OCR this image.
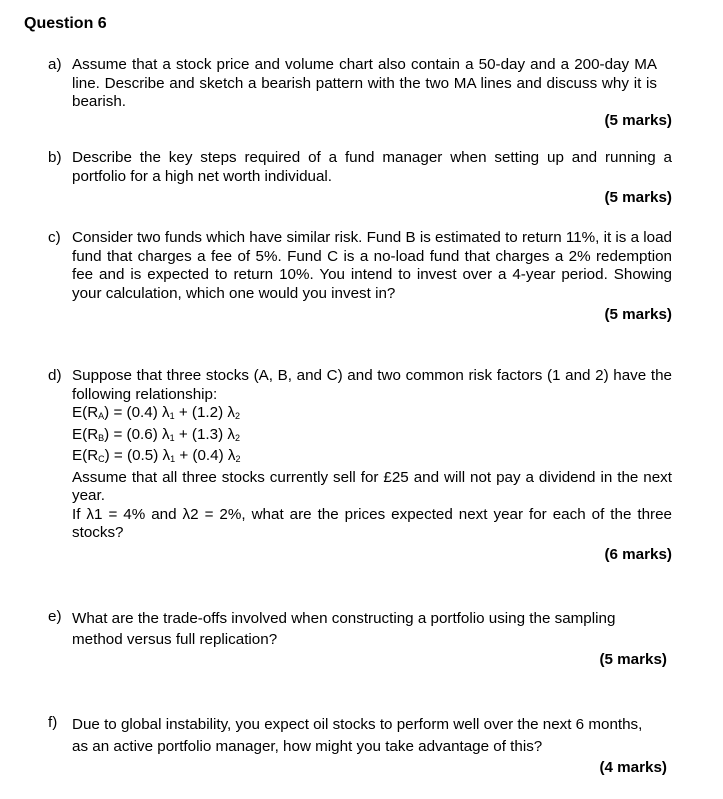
Question 6
a) Assume that a stock price and volume chart also contain a 50-day and a 200-day MA line. Describe and sketch a bearish pattern with the two MA lines and discuss why it is bearish.
(5 marks)
b) Describe the key steps required of a fund manager when setting up and running a portfolio for a high net worth individual.
(5 marks)
c) Consider two funds which have similar risk. Fund B is estimated to return 11%, it is a load fund that charges a fee of 5%. Fund C is a no-load fund that charges a 2% redemption fee and is expected to return 10%. You intend to invest over a 4-year period. Showing your calculation, which one would you invest in?
(5 marks)
d) Suppose that three stocks (A, B, and C) and two common risk factors (1 and 2) have the following relationship:
$E(R_A) = (0.4) \lambda_1 + (1.2)$ $\lambda_2$
$E(R_B) = (0.6) \lambda_1 + (1.3)$ $\lambda_2$
$E(R_C) = (0.5) \lambda_1 + (0.4)$ $\lambda_2$
Assume that all three stocks currently sell for £25 and will not pay a dividend in the next year.
If λ1 = 4% and λ2 = 2%, what are the prices expected next year for each of the three stocks?
(6 marks)
e) What are the trade-offs involved when constructing a portfolio using the sampling method versus full replication?
(5 marks)
f) Due to global instability, you expect oil stocks to perform well over the next 6 months, as an active portfolio manager, how might you take advantage of this?
(4 marks)
